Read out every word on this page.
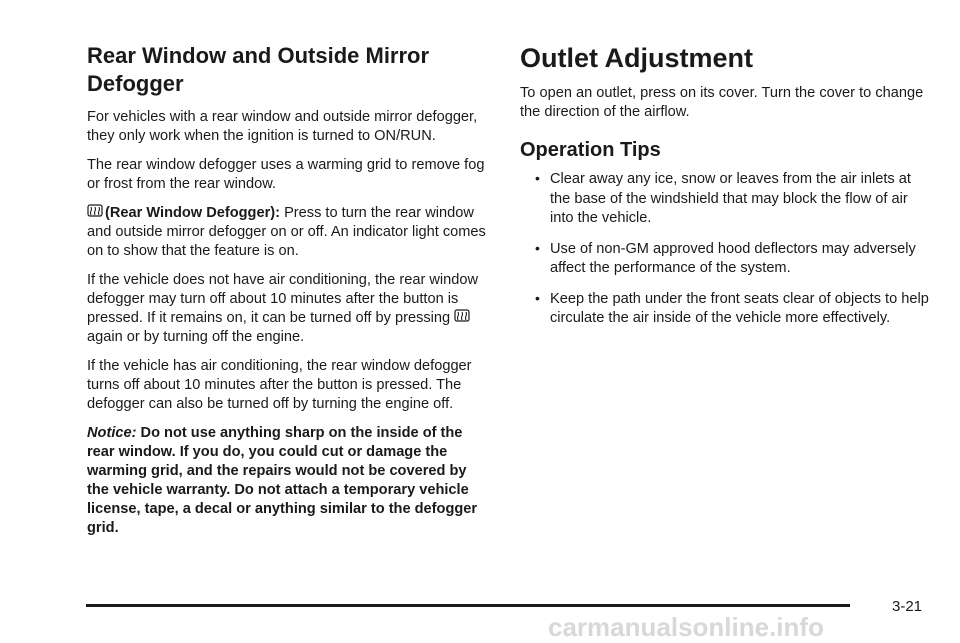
Rear Window and Outside Mirror Defogger

For vehicles with a rear window and outside mirror defogger, they only work when the ignition is turned to ON/RUN.

The rear window defogger uses a warming grid to remove fog or frost from the rear window.

(Rear Window Defogger): Press to turn the rear window and outside mirror defogger on or off. An indicator light comes on to show that the feature is on.

If the vehicle does not have air conditioning, the rear window defogger may turn off about 10 minutes after the button is pressed. If it remains on, it can be turned off by pressing again or by turning off the engine.

If the vehicle has air conditioning, the rear window defogger turns off about 10 minutes after the button is pressed. The defogger can also be turned off by turning the engine off.

Notice: Do not use anything sharp on the inside of the rear window. If you do, you could cut or damage the warming grid, and the repairs would not be covered by the vehicle warranty. Do not attach a temporary vehicle license, tape, a decal or anything similar to the defogger grid.

Outlet Adjustment

To open an outlet, press on its cover. Turn the cover to change the direction of the airflow.

Operation Tips
• Clear away any ice, snow or leaves from the air inlets at the base of the windshield that may block the flow of air into the vehicle.
• Use of non-GM approved hood deflectors may adversely affect the performance of the system.
• Keep the path under the front seats clear of objects to help circulate the air inside of the vehicle more effectively.
3-21
carmanualsonline.info
